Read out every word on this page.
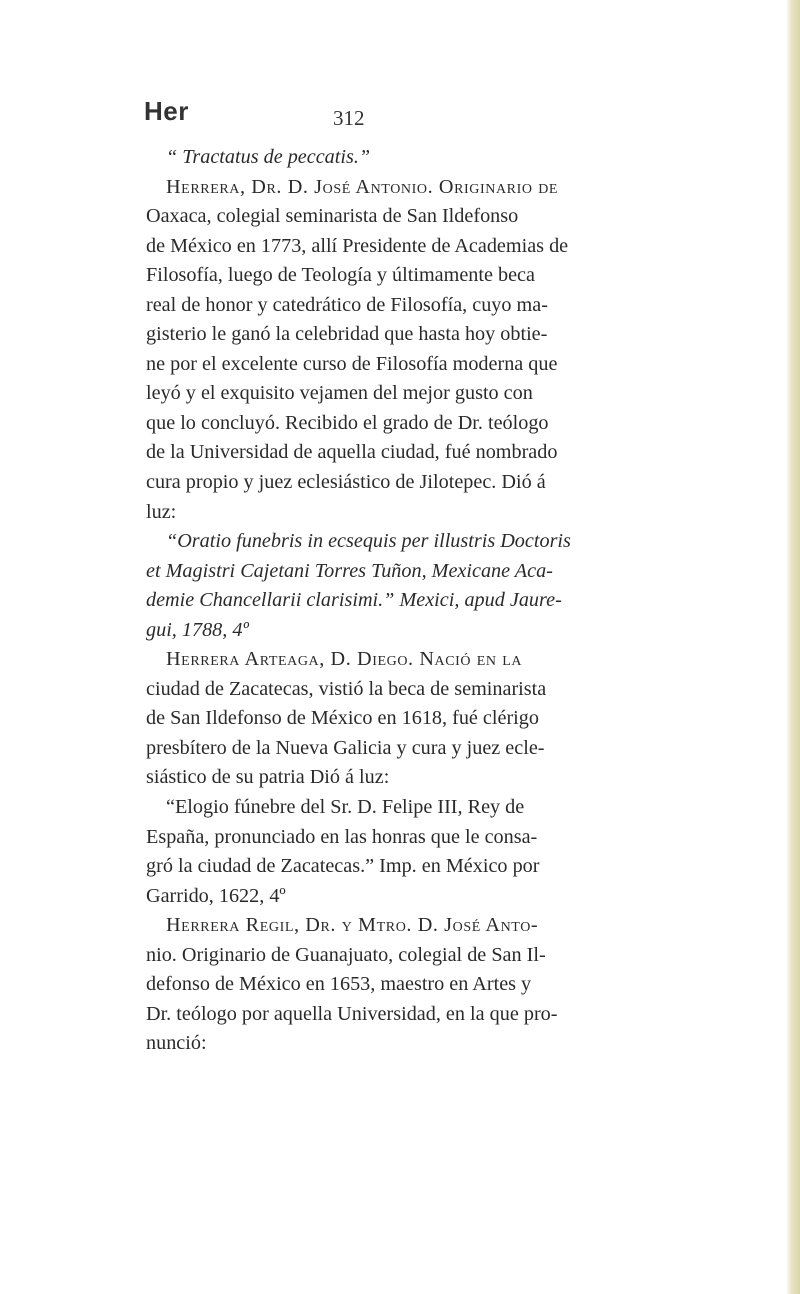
Her	312
“ Tractatus de peccatis.”
Herrera, Dr. D. José Antonio. Originario de
Oaxaca, colegial seminarista de San Ildefonso
de México en 1773, allí Presidente de Academias de
Filosofía, luego de Teología y últimamente beca
real de honor y catedrático de Filosofía, cuyo ma-
gisterio le ganó la celebridad que hasta hoy obtie-
ne por el excelente curso de Filosofía moderna que
leyó y el exquisito vejamen del mejor gusto con
que lo concluyó. Recibido el grado de Dr. teólogo
de la Universidad de aquella ciudad, fué nombrado
cura propio y juez eclesiástico de Jilotepec. Dió á
luz:
“Oratio funebris in ecsequis per illustris Doctoris
et Magistri Cajetani Torres Tuñon, Mexicane Aca-
demie Chancellarii clarisimi.” Mexici, apud Jaure-
gui, 1788, 4º
Herrera Arteaga, D. Diego. Nació en la
ciudad de Zacatecas, vistió la beca de seminarista
de San Ildefonso de México en 1618, fué clérigo
presbítero de la Nueva Galicia y cura y juez ecle-
siástico de su patria Dió á luz:
“Elogio fúnebre del Sr. D. Felipe III, Rey de
España, pronunciado en las honras que le consa-
gró la ciudad de Zacatecas.” Imp. en México por
Garrido, 1622, 4º
Herrera Regil, Dr. y Mtro. D. José Anto-
nio. Originario de Guanajuato, colegial de San Il-
defonso de México en 1653, maestro en Artes y
Dr. teólogo por aquella Universidad, en la que pro-
nunció:
